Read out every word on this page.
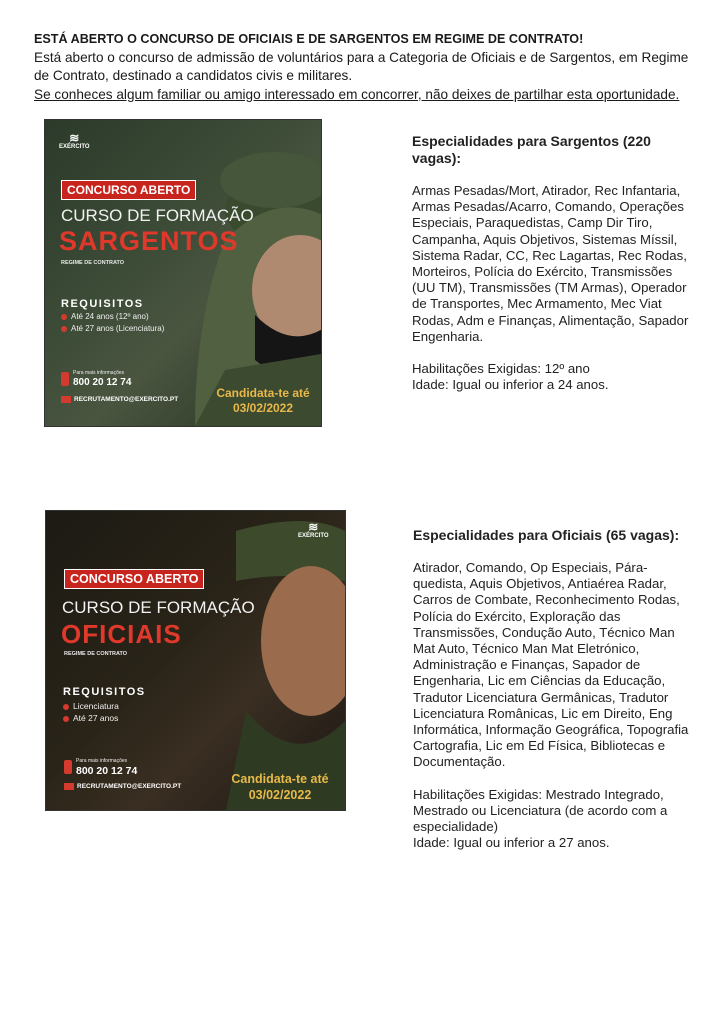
ESTÁ ABERTO O CONCURSO DE OFICIAIS E DE SARGENTOS EM REGIME DE CONTRATO!
Está aberto o concurso de admissão de voluntários para a Categoria de Oficiais e de Sargentos, em Regime de Contrato, destinado a candidatos civis e militares.
Se conheces algum familiar ou amigo interessado em concorrer, não deixes de partilhar esta oportunidade.
≋
EXÉRCITO
CONCURSO ABERTO
CURSO DE FORMAÇÃO
SARGENTOS
REGIME DE CONTRATO
REQUISITOS
Até 24 anos (12º ano)
Até 27 anos (Licenciatura)
Para mais informações
800 20 12 74
RECRUTAMENTO@EXERCITO.PT	Candidata-te até
03/02/2022
≋
EXÉRCITO
CONCURSO ABERTO
CURSO DE FORMAÇÃO
OFICIAIS
REGIME DE CONTRATO
REQUISITOS
Licenciatura
Até 27 anos
Para mais informações
800 20 12 74
RECRUTAMENTO@EXERCITO.PT
Candidata-te até
03/02/2022
Especialidades para Sargentos (220 vagas):

Armas Pesadas/Mort, Atirador, Rec Infantaria, Armas Pesadas/Acarro, Comando, Operações Especiais, Paraquedistas, Camp Dir Tiro, Campanha, Aquis Objetivos, Sistemas Míssil, Sistema Radar, CC, Rec Lagartas, Rec Rodas, Morteiros, Polícia do Exército, Transmissões (UU TM), Transmissões (TM Armas), Operador de Transportes, Mec Armamento, Mec Viat Rodas, Adm e Finanças, Alimentação, Sapador Engenharia.

Habilitações Exigidas: 12º ano
Idade: Igual ou inferior a 24 anos.
Especialidades para Oficiais (65 vagas):

Atirador, Comando, Op Especiais, Pára-quedista, Aquis Objetivos, Antiaérea Radar, Carros de Combate, Reconhecimento Rodas, Polícia do Exército, Exploração das Transmissões, Condução Auto, Técnico Man Mat Auto, Técnico Man Mat Eletrónico, Administração e Finanças, Sapador de Engenharia, Lic em Ciências da Educação, Tradutor Licenciatura Germânicas, Tradutor Licenciatura Românicas, Lic em Direito, Eng Informática, Informação Geográfica, Topografia Cartografia, Lic em Ed Física, Bibliotecas e Documentação.

Habilitações Exigidas: Mestrado Integrado, Mestrado ou Licenciatura (de acordo com a especialidade)
Idade: Igual ou inferior a 27 anos.
